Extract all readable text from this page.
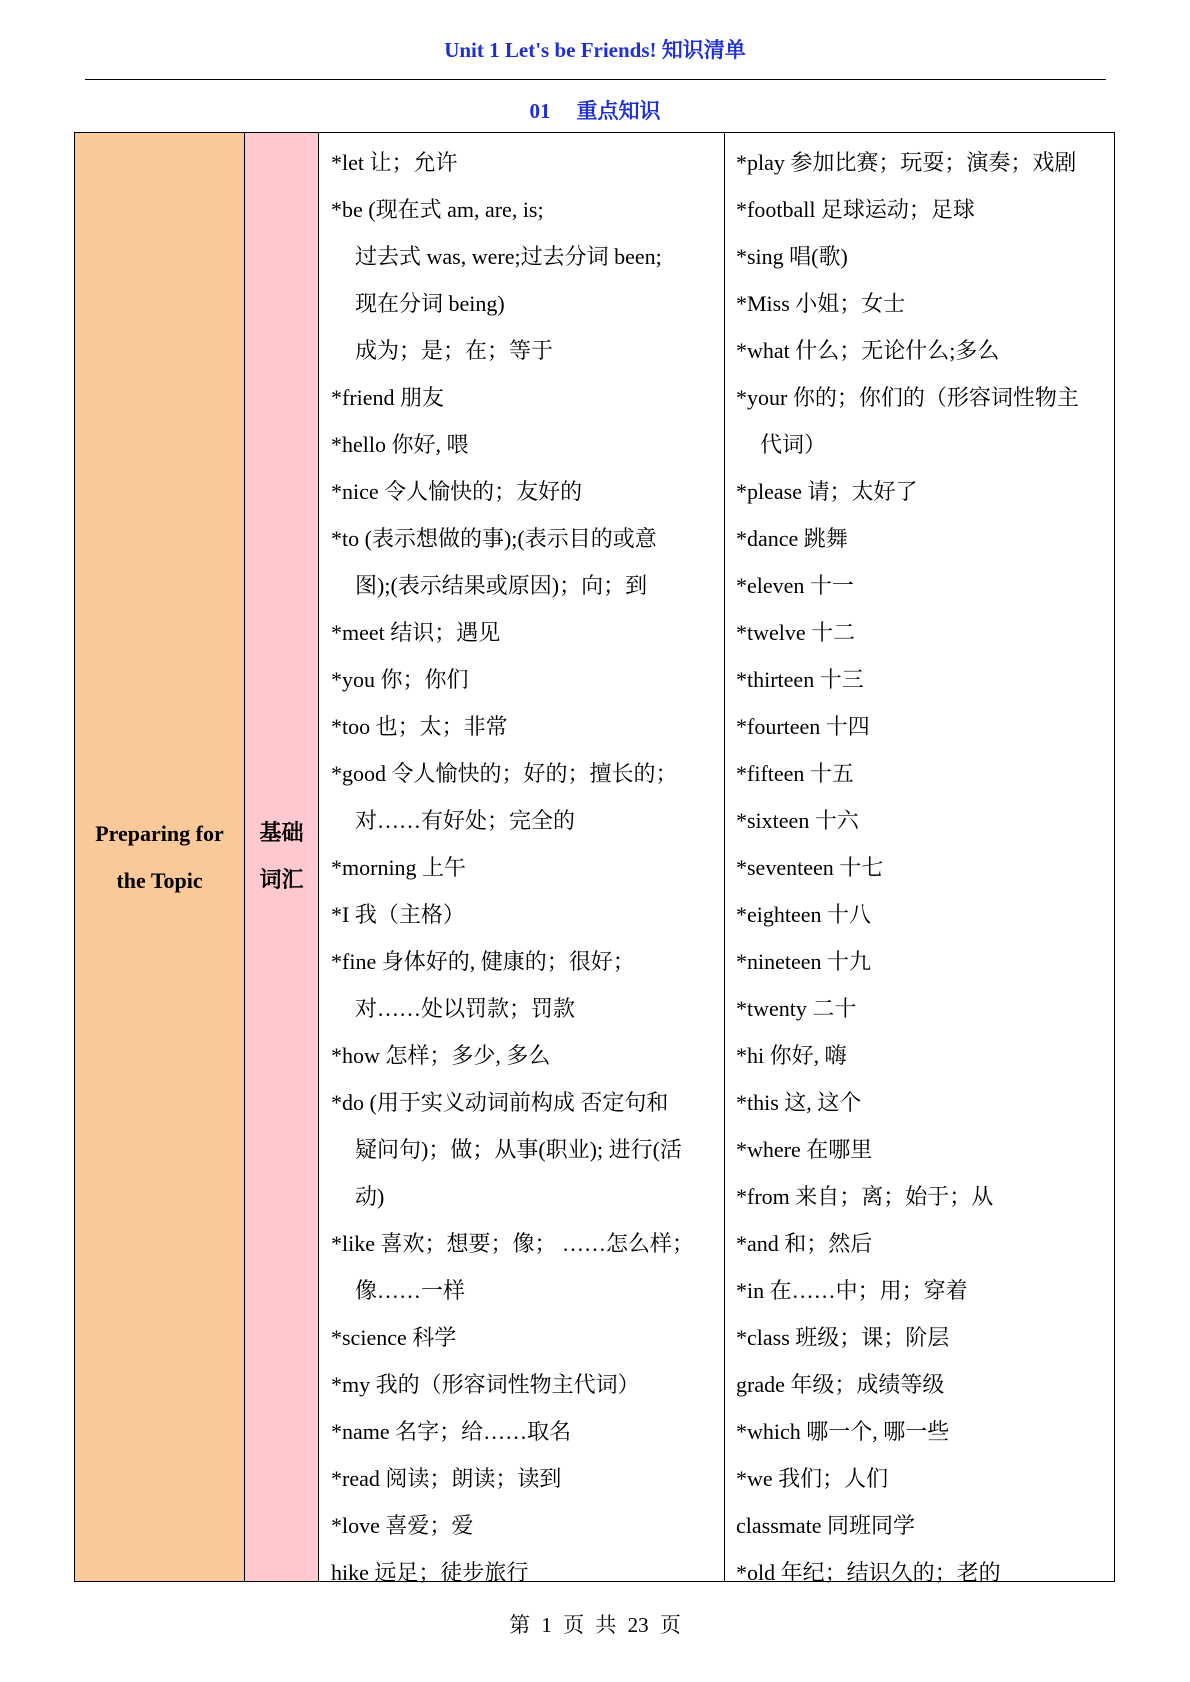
Unit 1 Let's be Friends! 知识清单
01 重点知识
Preparing for
the Topic
基础
词汇
*let 让；允许
*be (现在式 am, are, is;
过去式 was, were;过去分词 been;
现在分词 being)
成为；是；在；等于
*friend 朋友
*hello 你好, 喂
*nice 令人愉快的；友好的
*to (表示想做的事);(表示目的或意
图);(表示结果或原因)；向；到
*meet 结识；遇见
*you 你；你们
*too 也；太；非常
*good 令人愉快的；好的；擅长的；
对……有好处；完全的
*morning 上午
*I 我（主格）
*fine 身体好的, 健康的；很好；
对……处以罚款；罚款
*how 怎样；多少, 多么
*do (用于实义动词前构成 否定句和
疑问句)；做；从事(职业); 进行(活
动)
*like 喜欢；想要；像； ……怎么样；
像……一样
*science 科学
*my 我的（形容词性物主代词）
*name 名字；给……取名
*read 阅读；朗读；读到
*love 喜爱；爱
hike 远足；徒步旅行
*play 参加比赛；玩耍；演奏；戏剧
*football 足球运动；足球
*sing 唱(歌)
*Miss 小姐；女士
*what 什么；无论什么;多么
*your 你的；你们的（形容词性物主
代词）
*please 请；太好了
*dance 跳舞
*eleven 十一
*twelve 十二
*thirteen 十三
*fourteen 十四
*fifteen 十五
*sixteen 十六
*seventeen 十七
*eighteen 十八
*nineteen 十九
*twenty 二十
*hi 你好, 嗨
*this 这, 这个
*where 在哪里
*from 来自；离；始于；从
*and 和；然后
*in 在……中；用；穿着
*class 班级；课；阶层
grade 年级；成绩等级
*which 哪一个, 哪一些
*we 我们；人们
classmate 同班同学
*old 年纪；结识久的；老的
第 1 页 共 23 页
